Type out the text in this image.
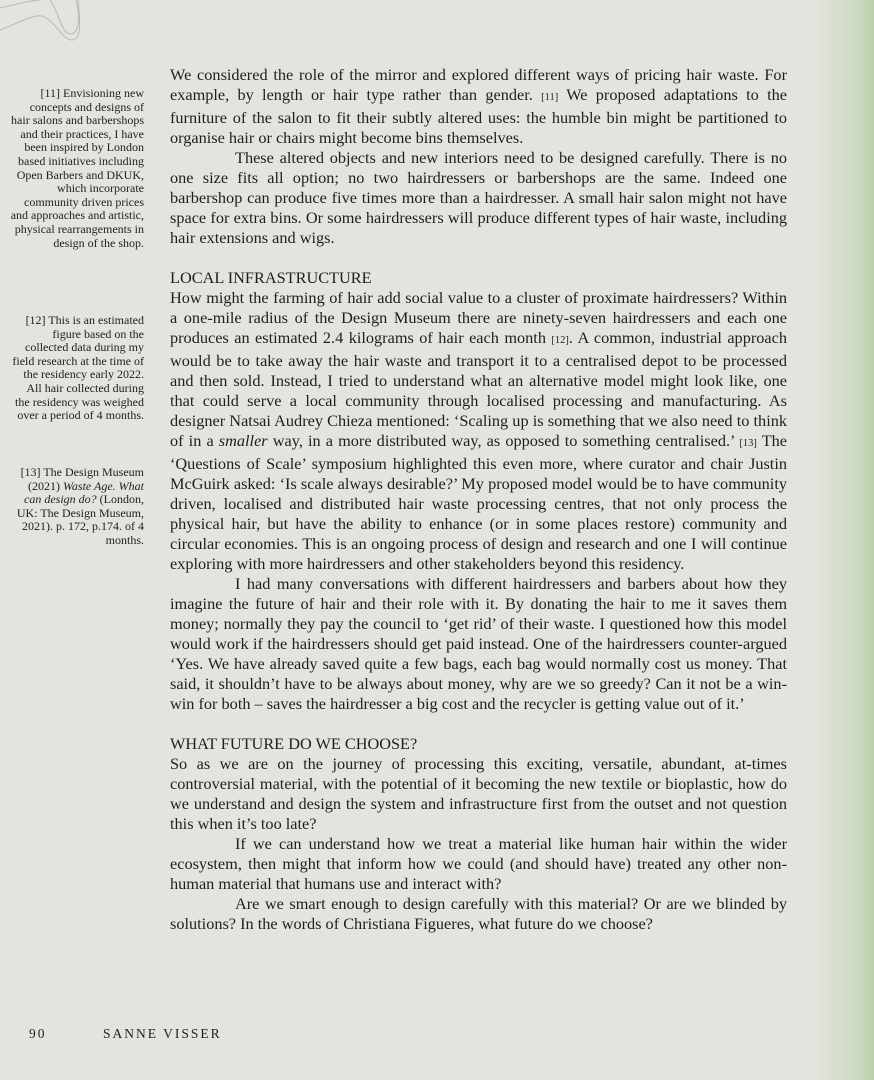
[11] Envisioning new concepts and designs of hair salons and barbershops and their practices, I have been inspired by London based initiatives including Open Barbers and DKUK, which incorporate community driven prices and approaches and artistic, physical rearrangements in design of the shop.
[12] This is an estimated figure based on the collected data during my field research at the time of the residency early 2022. All hair collected during the residency was weighed over a period of 4 months.
[13] The Design Museum (2021) Waste Age. What can design do? (London, UK: The Design Museum, 2021). p. 172, p.174. of 4 months.

We considered the role of the mirror and explored different ways of pricing hair waste. For example, by length or hair type rather than gender. [11] We proposed adaptations to the furniture of the salon to fit their subtly altered uses: the humble bin might be partitioned to organise hair or chairs might become bins themselves.

These altered objects and new interiors need to be designed carefully. There is no one size fits all option; no two hairdressers or barbershops are the same. Indeed one barbershop can produce five times more than a hairdresser. A small hair salon might not have space for extra bins. Or some hairdressers will produce different types of hair waste, including hair extensions and wigs.

LOCAL INFRASTRUCTURE

How might the farming of hair add social value to a cluster of proximate hairdressers? Within a one-mile radius of the Design Museum there are ninety-seven hairdressers and each one produces an estimated 2.4 kilograms of hair each month [12]. A common, industrial approach would be to take away the hair waste and transport it to a centralised depot to be processed and then sold. Instead, I tried to understand what an alternative model might look like, one that could serve a local community through localised processing and manufacturing. As designer Natsai Audrey Chieza mentioned: ‘Scaling up is something that we also need to think of in a smaller way, in a more distributed way, as opposed to something centralised.’ [13] The ‘Questions of Scale’ symposium highlighted this even more, where curator and chair Justin McGuirk asked: ‘Is scale always desirable?’ My proposed model would be to have community driven, localised and distributed hair waste processing centres, that not only process the physical hair, but have the ability to enhance (or in some places restore) community and circular economies. This is an ongoing process of design and research and one I will continue exploring with more hairdressers and other stakeholders beyond this residency.

I had many conversations with different hairdressers and barbers about how they imagine the future of hair and their role with it. By donating the hair to me it saves them money; normally they pay the council to ‘get rid’ of their waste. I questioned how this model would work if the hairdressers should get paid instead. One of the hairdressers counter-argued ‘Yes. We have already saved quite a few bags, each bag would normally cost us money. That said, it shouldn’t have to be always about money, why are we so greedy? Can it not be a win-win for both – saves the hairdresser a big cost and the recycler is getting value out of it.’

WHAT FUTURE DO WE CHOOSE?

So as we are on the journey of processing this exciting, versatile, abundant, at-times controversial material, with the potential of it becoming the new textile or bioplastic, how do we understand and design the system and infrastructure first from the outset and not question this when it’s too late?

If we can understand how we treat a material like human hair within the wider ecosystem, then might that inform how we could (and should have) treated any other non-human material that humans use and interact with?

Are we smart enough to design carefully with this material? Or are we blinded by solutions? In the words of Christiana Figueres, what future do we choose?

90	SANNE VISSER
